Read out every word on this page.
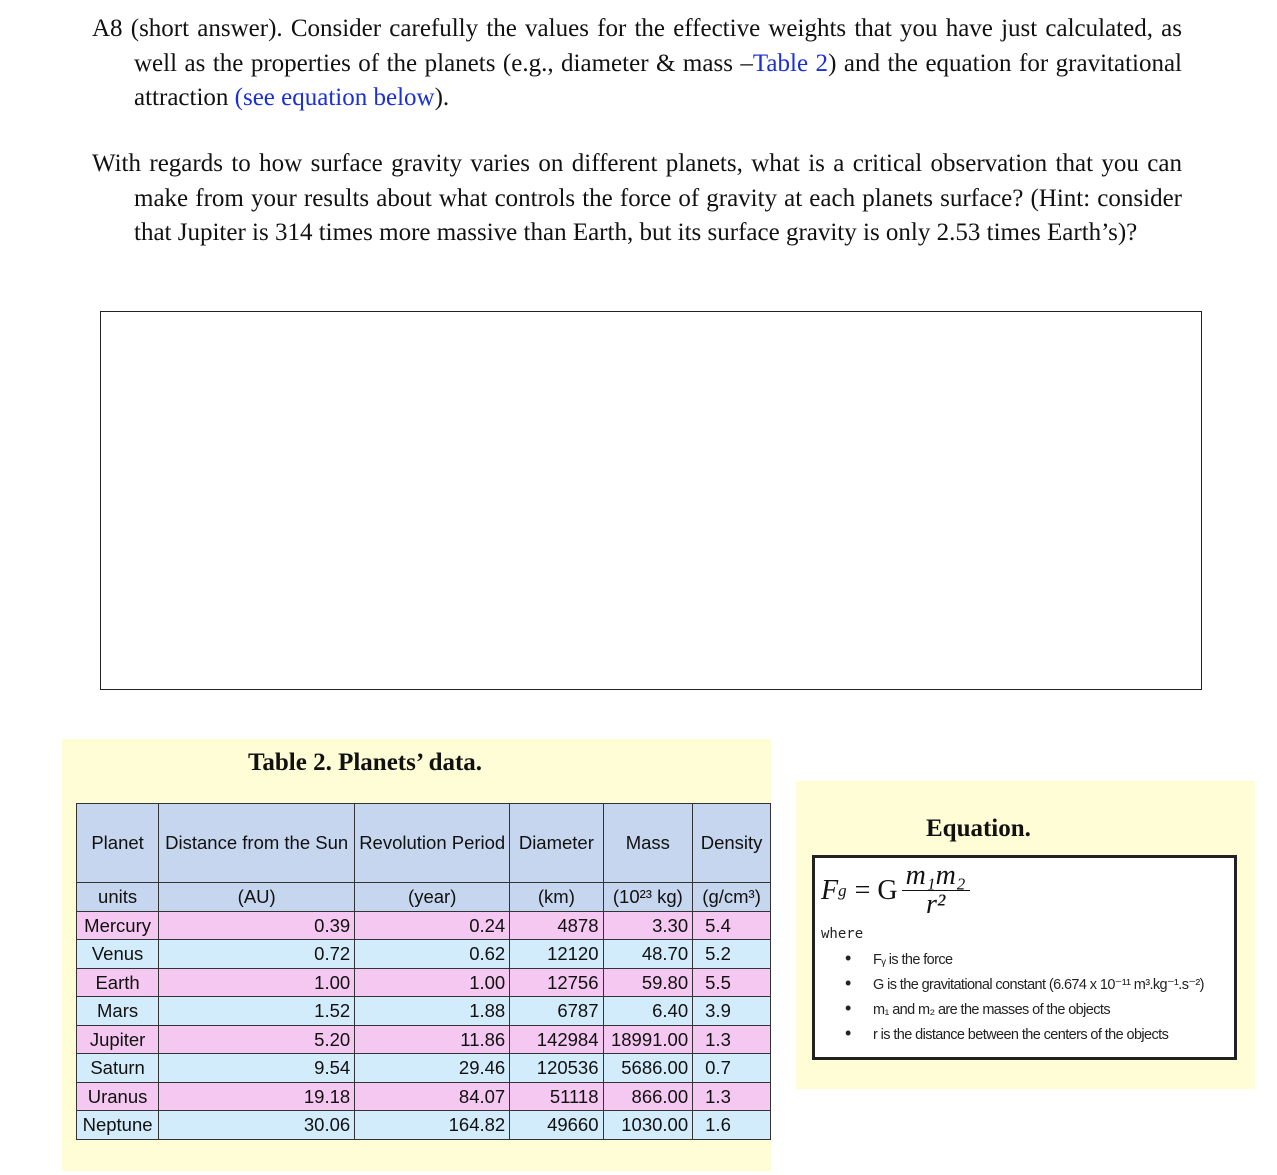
A8 (short answer). Consider carefully the values for the effective weights that you have just calculated, as well as the properties of the planets (e.g., diameter & mass –Table 2) and the equation for gravitational attraction (see equation below).

With regards to how surface gravity varies on different planets, what is a critical observation that you can make from your results about what controls the force of gravity at each planets surface? (Hint: consider that Jupiter is 314 times more massive than Earth, but its surface gravity is only 2.53 times Earth’s)?

Table 2. Planets’ data.
Planet	Distance from the Sun	Revolution Period	Diameter	Mass	Density
units	(AU)	(year)	(km)	(10²³ kg)	(g/cm³)
Mercury	0.39	0.24	4878	3.30	5.4
Venus	0.72	0.62	12120	48.70	5.2
Earth	1.00	1.00	12756	59.80	5.5
Mars	1.52	1.88	6787	6.40	3.9
Jupiter	5.20	11.86	142984	18991.00	1.3
Saturn	9.54	29.46	120536	5686.00	0.7
Uranus	19.18	84.07	51118	866.00	1.3
Neptune	30.06	164.82	49660	1030.00	1.6
Equation.
F g = G $\frac{\text{m₁m₂}}{\text{r²}}$
where
• Fᵧ is the force
• G is the gravitational constant (6.674 x 10⁻¹¹ m³.kg⁻¹.s⁻²)
• m₁ and m₂ are the masses of the objects
• r is the distance between the centers of the objects
